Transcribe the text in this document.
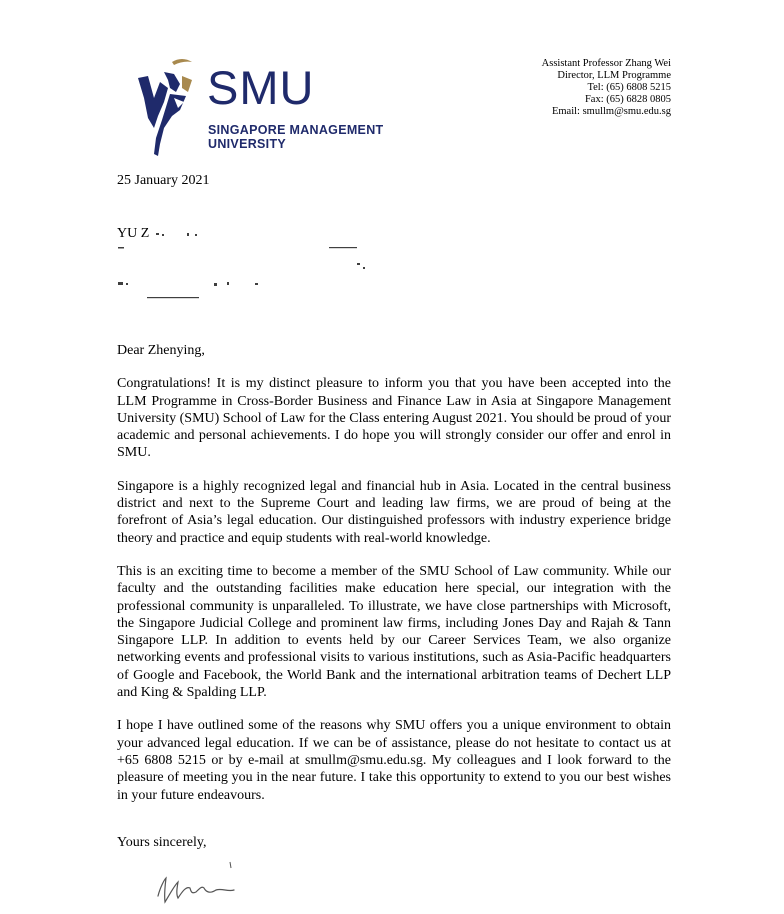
SMU
SINGAPORE MANAGEMENT
UNIVERSITY
Assistant Professor Zhang Wei
Director, LLM Programme
Tel: (65) 6808 5215
Fax: (65) 6828 0805
Email: smullm@smu.edu.sg
25 January 2021
YU Z

Dear Zhenying,

Congratulations! It is my distinct pleasure to inform you that you have been accepted into the LLM Programme in Cross-Border Business and Finance Law in Asia at Singapore Management University (SMU) School of Law for the Class entering August 2021. You should be proud of your academic and personal achievements. I do hope you will strongly consider our offer and enrol in SMU.

Singapore is a highly recognized legal and financial hub in Asia. Located in the central business district and next to the Supreme Court and leading law firms, we are proud of being at the forefront of Asia’s legal education. Our distinguished professors with industry experience bridge theory and practice and equip students with real-world knowledge.

This is an exciting time to become a member of the SMU School of Law community. While our faculty and the outstanding facilities make education here special, our integration with the professional community is unparalleled. To illustrate, we have close partnerships with Microsoft, the Singapore Judicial College and prominent law firms, including Jones Day and Rajah & Tann Singapore LLP. In addition to events held by our Career Services Team, we also organize networking events and professional visits to various institutions, such as Asia-Pacific headquarters of Google and Facebook, the World Bank and the international arbitration teams of Dechert LLP and King & Spalding LLP.

I hope I have outlined some of the reasons why SMU offers you a unique environment to obtain your advanced legal education. If we can be of assistance, please do not hesitate to contact us at +65 6808 5215 or by e-mail at smullm@smu.edu.sg. My colleagues and I look forward to the pleasure of meeting you in the near future. I take this opportunity to extend to you our best wishes in your future endeavours.

Yours sincerely,
